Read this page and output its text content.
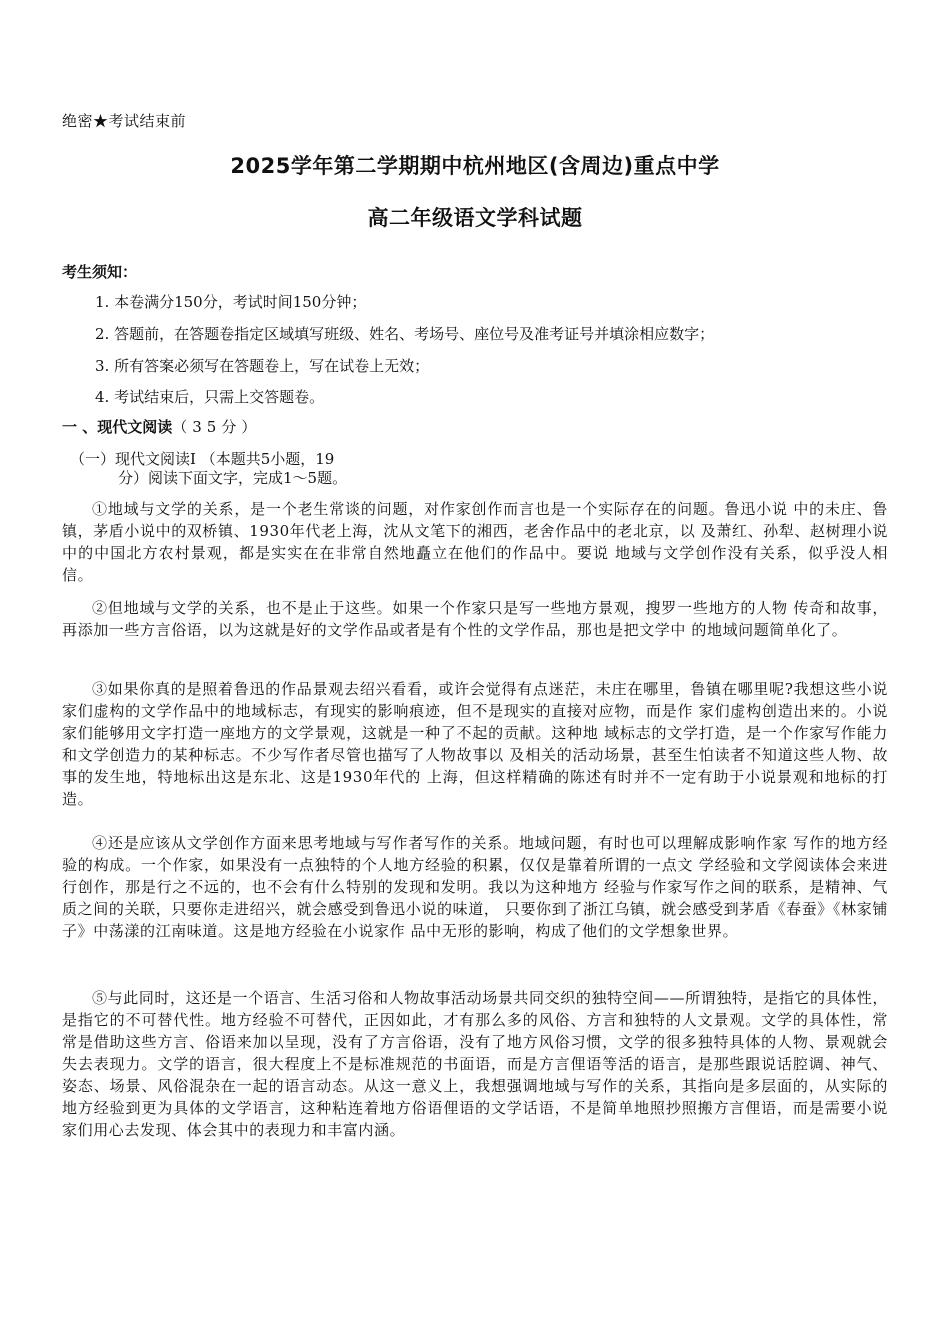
绝密★考试结束前
2025学年第二学期期中杭州地区(含周边)重点中学
高二年级语文学科试题
考生须知：
1. 本卷满分150分，考试时间150分钟；
2. 答题前，在答题卷指定区域填写班级、姓名、考场号、座位号及准考证号并填涂相应数字；
3. 所有答案必须写在答题卷上，写在试卷上无效；
4. 考试结束后，只需上交答题卷。
一 、现代文阅读（35分）
（一）现代文阅读I （本题共5小题，19
分）阅读下面文字，完成1～5题。

①地域与文学的关系，是一个老生常谈的问题，对作家创作而言也是一个实际存在的问题。鲁迅小说 中的未庄、鲁镇，茅盾小说中的双桥镇、1930年代老上海，沈从文笔下的湘西，老舍作品中的老北京，以 及萧红、孙犁、赵树理小说中的中国北方农村景观，都是实实在在非常自然地矗立在他们的作品中。要说 地域与文学创作没有关系，似乎没人相信。

②但地域与文学的关系，也不是止于这些。如果一个作家只是写一些地方景观，搜罗一些地方的人物 传奇和故事，再添加一些方言俗语，以为这就是好的文学作品或者是有个性的文学作品，那也是把文学中 的地域问题简单化了。

③如果你真的是照着鲁迅的作品景观去绍兴看看，或许会觉得有点迷茫，未庄在哪里，鲁镇在哪里呢?我想这些小说家们虚构的文学作品中的地域标志，有现实的影响痕迹，但不是现实的直接对应物，而是作 家们虚构创造出来的。小说家们能够用文字打造一座地方的文学景观，这就是一种了不起的贡献。这种地 域标志的文学打造，是一个作家写作能力和文学创造力的某种标志。不少写作者尽管也描写了人物故事以 及相关的活动场景，甚至生怕读者不知道这些人物、故事的发生地，特地标出这是东北、这是1930年代的 上海，但这样精确的陈述有时并不一定有助于小说景观和地标的打造。

④还是应该从文学创作方面来思考地域与写作者写作的关系。地域问题，有时也可以理解成影响作家 写作的地方经验的构成。一个作家，如果没有一点独特的个人地方经验的积累，仅仅是靠着所谓的一点文 学经验和文学阅读体会来进行创作，那是行之不远的，也不会有什么特别的发现和发明。我以为这种地方 经验与作家写作之间的联系，是精神、气质之间的关联，只要你走进绍兴，就会感受到鲁迅小说的味道， 只要你到了浙江乌镇，就会感受到茅盾《春蚕》《林家铺子》中荡漾的江南味道。这是地方经验在小说家作 品中无形的影响，构成了他们的文学想象世界。

⑤与此同时，这还是一个语言、生活习俗和人物故事活动场景共同交织的独特空间——所谓独特，是指它的具体性，是指它的不可替代性。地方经验不可替代，正因如此，才有那么多的风俗、方言和独特的人文景观。文学的具体性，常常是借助这些方言、俗语来加以呈现，没有了方言俗语，没有了地方风俗习惯，文学的很多独特具体的人物、景观就会失去表现力。文学的语言，很大程度上不是标准规范的书面语，而是方言俚语等活的语言，是那些跟说话腔调、神气、姿态、场景、风俗混杂在一起的语言动态。从这一意义上，我想强调地域与写作的关系，其指向是多层面的，从实际的地方经验到更为具体的文学语言，这种粘连着地方俗语俚语的文学话语，不是简单地照抄照搬方言俚语，而是需要小说家们用心去发现、体会其中的表现力和丰富内涵。
